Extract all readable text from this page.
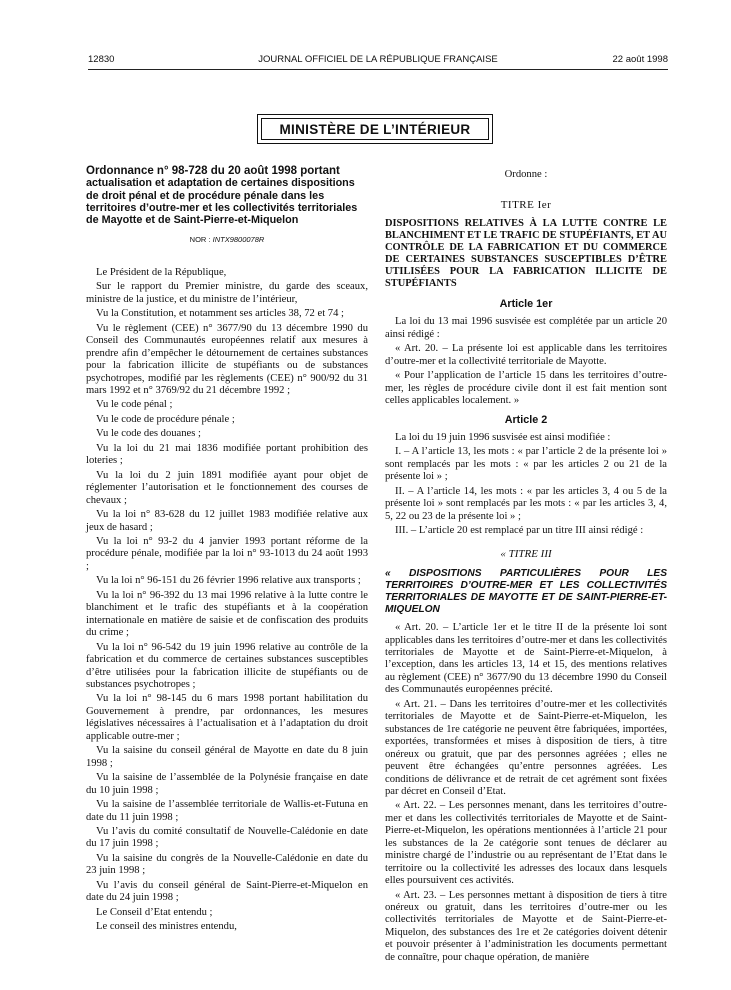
12830	JOURNAL OFFICIEL DE LA RÉPUBLIQUE FRANÇAISE	22 août 1998
MINISTÈRE DE L’INTÉRIEUR
Ordonnance n° 98-728 du 20 août 1998 portant actualisation et adaptation de certaines dispositions de droit pénal et de procédure pénale dans les territoires d’outre-mer et les collectivités territoriales de Mayotte et de Saint-Pierre-et-Miquelon
NOR : INTX9800078R

Le Président de la République,

Sur le rapport du Premier ministre, du garde des sceaux, ministre de la justice, et du ministre de l’intérieur,

Vu la Constitution, et notamment ses articles 38, 72 et 74 ;

Vu le règlement (CEE) n° 3677/90 du 13 décembre 1990 du Conseil des Communautés européennes relatif aux mesures à prendre afin d’empêcher le détournement de certaines substances pour la fabrication illicite de stupéfiants ou de substances psychotropes, modifié par les règlements (CEE) n° 900/92 du 31 mars 1992 et n° 3769/92 du 21 décembre 1992 ;

Vu le code pénal ;

Vu le code de procédure pénale ;

Vu le code des douanes ;

Vu la loi du 21 mai 1836 modifiée portant prohibition des loteries ;

Vu la loi du 2 juin 1891 modifiée ayant pour objet de réglementer l’autorisation et le fonctionnement des courses de chevaux ;

Vu la loi n° 83-628 du 12 juillet 1983 modifiée relative aux jeux de hasard ;

Vu la loi n° 93-2 du 4 janvier 1993 portant réforme de la procédure pénale, modifiée par la loi n° 93-1013 du 24 août 1993 ;

Vu la loi n° 96-151 du 26 février 1996 relative aux transports ;

Vu la loi n° 96-392 du 13 mai 1996 relative à la lutte contre le blanchiment et le trafic des stupéfiants et à la coopération internationale en matière de saisie et de confiscation des produits du crime ;

Vu la loi n° 96-542 du 19 juin 1996 relative au contrôle de la fabrication et du commerce de certaines substances susceptibles d’être utilisées pour la fabrication illicite de stupéfiants ou de substances psychotropes ;

Vu la loi n° 98-145 du 6 mars 1998 portant habilitation du Gouvernement à prendre, par ordonnances, les mesures législatives nécessaires à l’actualisation et à l’adaptation du droit applicable outre-mer ;

Vu la saisine du conseil général de Mayotte en date du 8 juin 1998 ;

Vu la saisine de l’assemblée de la Polynésie française en date du 10 juin 1998 ;

Vu la saisine de l’assemblée territoriale de Wallis-et-Futuna en date du 11 juin 1998 ;

Vu l’avis du comité consultatif de Nouvelle-Calédonie en date du 17 juin 1998 ;

Vu la saisine du congrès de la Nouvelle-Calédonie en date du 23 juin 1998 ;

Vu l’avis du conseil général de Saint-Pierre-et-Miquelon en date du 24 juin 1998 ;

Le Conseil d’Etat entendu ;

Le conseil des ministres entendu,

Ordonne :

TITRE Ier
DISPOSITIONS RELATIVES À LA LUTTE CONTRE LE BLANCHIMENT ET LE TRAFIC DE STUPÉFIANTS, ET AU CONTRÔLE DE LA FABRICATION ET DU COMMERCE DE CERTAINES SUBSTANCES SUSCEPTIBLES D’ÊTRE UTILISÉES POUR LA FABRICATION ILLICITE DE STUPÉFIANTS
Article 1er

La loi du 13 mai 1996 susvisée est complétée par un article 20 ainsi rédigé :

« Art. 20. – La présente loi est applicable dans les territoires d’outre-mer et la collectivité territoriale de Mayotte.

« Pour l’application de l’article 15 dans les territoires d’outre-mer, les règles de procédure civile dont il est fait mention sont celles applicables localement. »

Article 2

La loi du 19 juin 1996 susvisée est ainsi modifiée :

I. – A l’article 13, les mots : « par l’article 2 de la présente loi » sont remplacés par les mots : « par les articles 2 ou 21 de la présente loi » ;

II. – A l’article 14, les mots : « par les articles 3, 4 ou 5 de la présente loi » sont remplacés par les mots : « par les articles 3, 4, 5, 22 ou 23 de la présente loi » ;

III. – L’article 20 est remplacé par un titre III ainsi rédigé :

« TITRE III
« DISPOSITIONS PARTICULIÈRES POUR LES TERRITOIRES D’OUTRE-MER ET LES COLLECTIVITÉS TERRITORIALES DE MAYOTTE ET DE SAINT-PIERRE-ET-MIQUELON

« Art. 20. – L’article 1er et le titre II de la présente loi sont applicables dans les territoires d’outre-mer et dans les collectivités territoriales de Mayotte et de Saint-Pierre-et-Miquelon, à l’exception, dans les articles 13, 14 et 15, des mentions relatives au règlement (CEE) n° 3677/90 du 13 décembre 1990 du Conseil des Communautés européennes précité.

« Art. 21. – Dans les territoires d’outre-mer et les collectivités territoriales de Mayotte et de Saint-Pierre-et-Miquelon, les substances de 1re catégorie ne peuvent être fabriquées, importées, exportées, transformées et mises à disposition de tiers, à titre onéreux ou gratuit, que par des personnes agréées ; elles ne peuvent être échangées qu’entre personnes agréées. Les conditions de délivrance et de retrait de cet agrément sont fixées par décret en Conseil d’Etat.

« Art. 22. – Les personnes menant, dans les territoires d’outre-mer et dans les collectivités territoriales de Mayotte et de Saint-Pierre-et-Miquelon, les opérations mentionnées à l’article 21 pour les substances de la 2e catégorie sont tenues de déclarer au ministre chargé de l’industrie ou au représentant de l’Etat dans le territoire ou la collectivité les adresses des locaux dans lesquels elles poursuivent ces activités.

« Art. 23. – Les personnes mettant à disposition de tiers à titre onéreux ou gratuit, dans les territoires d’outre-mer ou les collectivités territoriales de Mayotte et de Saint-Pierre-et-Miquelon, des substances des 1re et 2e catégories doivent détenir et pouvoir présenter à l’administration les documents permettant de connaître, pour chaque opération, de manière
